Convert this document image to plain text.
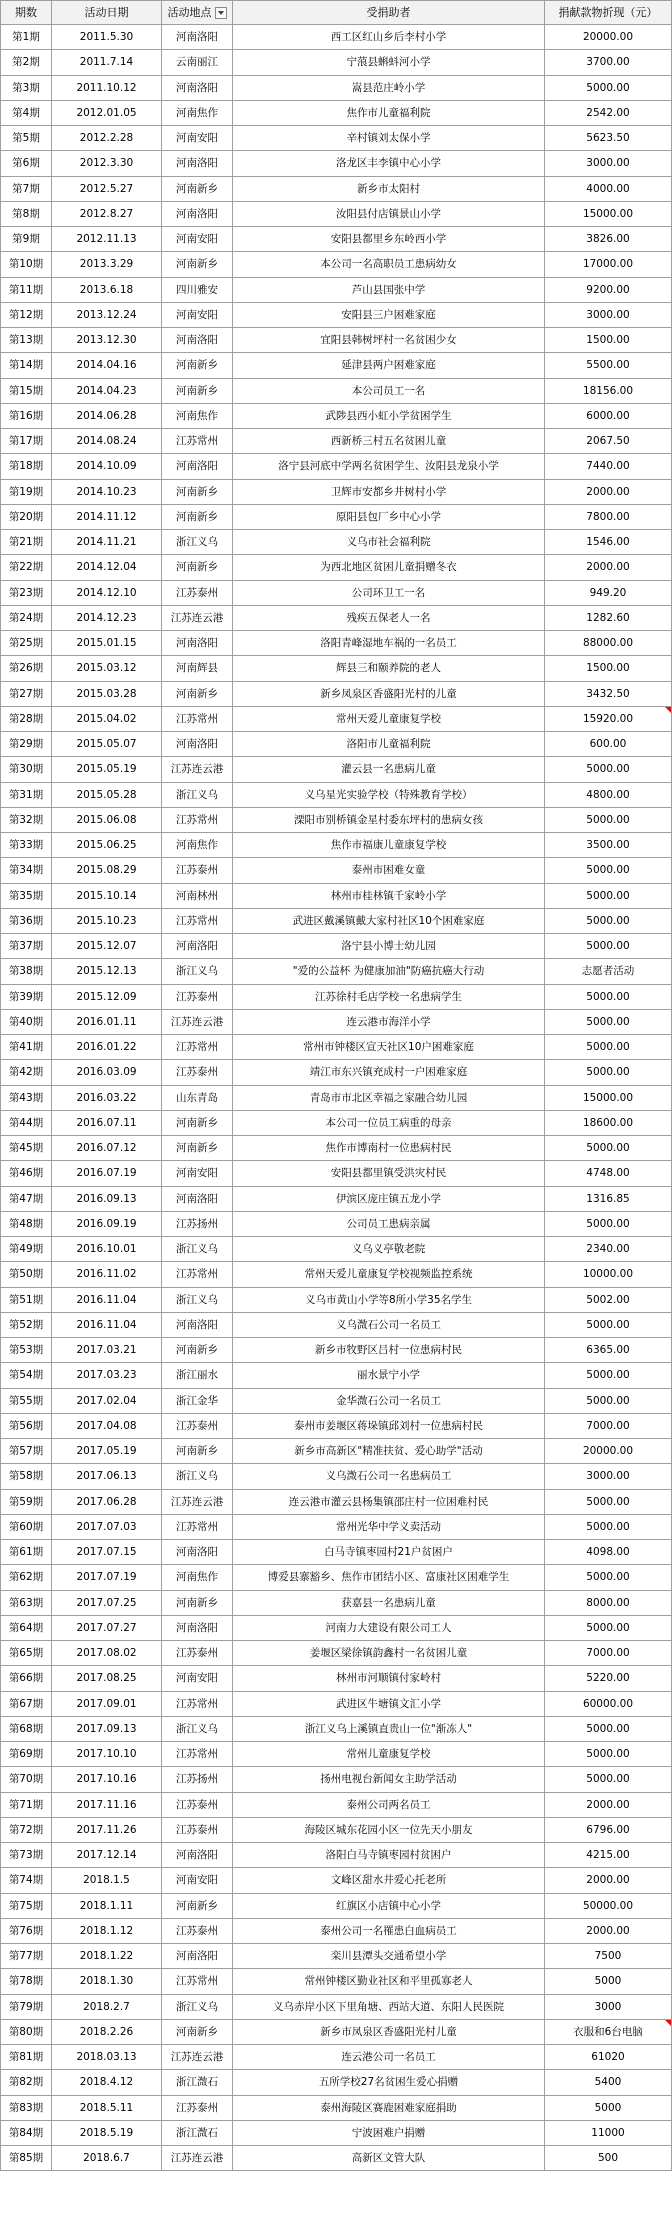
期数	活动日期	活动地点	受捐助者	捐献款物折现（元）
第1期	2011.5.30	河南洛阳	西工区红山乡后李村小学	20000.00
第2期	2011.7.14	云南丽江	宁蒗县蝌蚪河小学	3700.00
第3期	2011.10.12	河南洛阳	嵩县范庄岭小学	5000.00
第4期	2012.01.05	河南焦作	焦作市儿童福利院	2542.00
第5期	2012.2.28	河南安阳	辛村镇刘太保小学	5623.50
第6期	2012.3.30	河南洛阳	洛龙区丰李镇中心小学	3000.00
第7期	2012.5.27	河南新乡	新乡市太阳村	4000.00
第8期	2012.8.27	河南洛阳	汝阳县付店镇景山小学	15000.00
第9期	2012.11.13	河南安阳	安阳县都里乡东岭西小学	3826.00
第10期	2013.3.29	河南新乡	本公司一名高职员工患病幼女	17000.00
第11期	2013.6.18	四川雅安	芦山县国张中学	9200.00
第12期	2013.12.24	河南安阳	安阳县三户困难家庭	3000.00
第13期	2013.12.30	河南洛阳	宜阳县韩树坪村一名贫困少女	1500.00
第14期	2014.04.16	河南新乡	延津县两户困难家庭	5500.00
第15期	2014.04.23	河南新乡	本公司员工一名	18156.00
第16期	2014.06.28	河南焦作	武陟县西小虹小学贫困学生	6000.00
第17期	2014.08.24	江苏常州	西新桥三村五名贫困儿童	2067.50
第18期	2014.10.09	河南洛阳	洛宁县河底中学两名贫困学生、汝阳县龙泉小学	7440.00
第19期	2014.10.23	河南新乡	卫辉市安都乡井树村小学	2000.00
第20期	2014.11.12	河南新乡	原阳县包厂乡中心小学	7800.00
第21期	2014.11.21	浙江义乌	义乌市社会福利院	1546.00
第22期	2014.12.04	河南新乡	为西北地区贫困儿童捐赠冬衣	2000.00
第23期	2014.12.10	江苏泰州	公司环卫工一名	949.20
第24期	2014.12.23	江苏连云港	残疾五保老人一名	1282.60
第25期	2015.01.15	河南洛阳	洛阳青峰湿地车祸的一名员工	88000.00
第26期	2015.03.12	河南辉县	辉县三和颐养院的老人	1500.00
第27期	2015.03.28	河南新乡	新乡凤泉区香盛阳光村的儿童	3432.50
第28期	2015.04.02	江苏常州	常州天爱儿童康复学校	15920.00
第29期	2015.05.07	河南洛阳	洛阳市儿童福利院	600.00
第30期	2015.05.19	江苏连云港	灌云县一名患病儿童	5000.00
第31期	2015.05.28	浙江义乌	义乌星光实验学校（特殊教育学校）	4800.00
第32期	2015.06.08	江苏常州	溧阳市别桥镇金星村委东坪村的患病女孩	5000.00
第33期	2015.06.25	河南焦作	焦作市福康儿童康复学校	3500.00
第34期	2015.08.29	江苏泰州	泰州市困难女童	5000.00
第35期	2015.10.14	河南林州	林州市桂林镇千家岭小学	5000.00
第36期	2015.10.23	江苏常州	武进区戴溪镇戴大家村社区10个困难家庭	5000.00
第37期	2015.12.07	河南洛阳	洛宁县小博士幼儿园	5000.00
第38期	2015.12.13	浙江义乌	"爱的公益杯 为健康加油"防癌抗癌大行动	志愿者活动
第39期	2015.12.09	江苏泰州	江苏徐村毛店学校一名患病学生	5000.00
第40期	2016.01.11	江苏连云港	连云港市海洋小学	5000.00
第41期	2016.01.22	江苏常州	常州市钟楼区宣天社区10户困难家庭	5000.00
第42期	2016.03.09	江苏泰州	靖江市东兴镇充成村一户困难家庭	5000.00
第43期	2016.03.22	山东青岛	青岛市市北区幸福之家融合幼儿园	15000.00
第44期	2016.07.11	河南新乡	本公司一位员工病重的母亲	18600.00
第45期	2016.07.12	河南新乡	焦作市博南村一位患病村民	5000.00
第46期	2016.07.19	河南安阳	安阳县都里镇受洪灾村民	4748.00
第47期	2016.09.13	河南洛阳	伊滨区庞庄镇五龙小学	1316.85
第48期	2016.09.19	江苏扬州	公司员工患病亲属	5000.00
第49期	2016.10.01	浙江义乌	义乌义亭敬老院	2340.00
第50期	2016.11.02	江苏常州	常州天爱儿童康复学校视频监控系统	10000.00
第51期	2016.11.04	浙江义乌	义乌市黄山小学等8所小学35名学生	5002.00
第52期	2016.11.04	河南洛阳	义乌溦石公司一名员工	5000.00
第53期	2017.03.21	河南新乡	新乡市牧野区吕村一位患病村民	6365.00
第54期	2017.03.23	浙江丽水	丽水景宁小学	5000.00
第55期	2017.02.04	浙江金华	金华溦石公司一名员工	5000.00
第56期	2017.04.08	江苏泰州	泰州市姜堰区蒋垛镇邱刘村一位患病村民	7000.00
第57期	2017.05.19	河南新乡	新乡市高新区"精准扶贫、爱心助学"活动	20000.00
第58期	2017.06.13	浙江义乌	义乌溦石公司一名患病员工	3000.00
第59期	2017.06.28	江苏连云港	连云港市灌云县杨集镇邵庄村一位困难村民	5000.00
第60期	2017.07.03	江苏常州	常州光华中学义卖活动	5000.00
第61期	2017.07.15	河南洛阳	白马寺镇枣园村21户贫困户	4098.00
第62期	2017.07.19	河南焦作	博爱县寨豁乡、焦作市团结小区、富康社区困难学生	5000.00
第63期	2017.07.25	河南新乡	获嘉县一名患病儿童	8000.00
第64期	2017.07.27	河南洛阳	河南力大建设有限公司工人	5000.00
第65期	2017.08.02	江苏泰州	姜堰区梁徐镇韵鑫村一名贫困儿童	7000.00
第66期	2017.08.25	河南安阳	林州市河顺镇付家岭村	5220.00
第67期	2017.09.01	江苏常州	武进区牛塘镇文汇小学	60000.00
第68期	2017.09.13	浙江义乌	浙江义乌上溪镇直贵山一位"渐冻人"	5000.00
第69期	2017.10.10	江苏常州	常州儿童康复学校	5000.00
第70期	2017.10.16	江苏扬州	扬州电视台新闻女主助学活动	5000.00
第71期	2017.11.16	江苏泰州	泰州公司两名员工	2000.00
第72期	2017.11.26	江苏泰州	海陵区城东花园小区一位先天小朋友	6796.00
第73期	2017.12.14	河南洛阳	洛阳白马寺镇枣园村贫困户	4215.00
第74期	2018.1.5	河南安阳	文峰区甜水井爱心托老所	2000.00
第75期	2018.1.11	河南新乡	红旗区小店镇中心小学	50000.00
第76期	2018.1.12	江苏泰州	泰州公司一名罹患白血病员工	2000.00
第77期	2018.1.22	河南洛阳	栾川县潭头交通希望小学	7500
第78期	2018.1.30	江苏常州	常州钟楼区勤业社区和平里孤寡老人	5000
第79期	2018.2.7	浙江义乌	义乌赤岸小区下里角塘、西站大道、东阳人民医院	3000
第80期	2018.2.26	河南新乡	新乡市凤泉区香盛阳光村儿童	衣服和6台电脑
第81期	2018.03.13	江苏连云港	连云港公司一名员工	61020
第82期	2018.4.12	浙江溦石	五所学校27名贫困生爱心捐赠	5400
第83期	2018.5.11	江苏泰州	泰州海陵区赛鹿困难家庭捐助	5000
第84期	2018.5.19	浙江溦石	宁波困难户捐赠	11000
第85期	2018.6.7	江苏连云港	高新区文管大队	500
